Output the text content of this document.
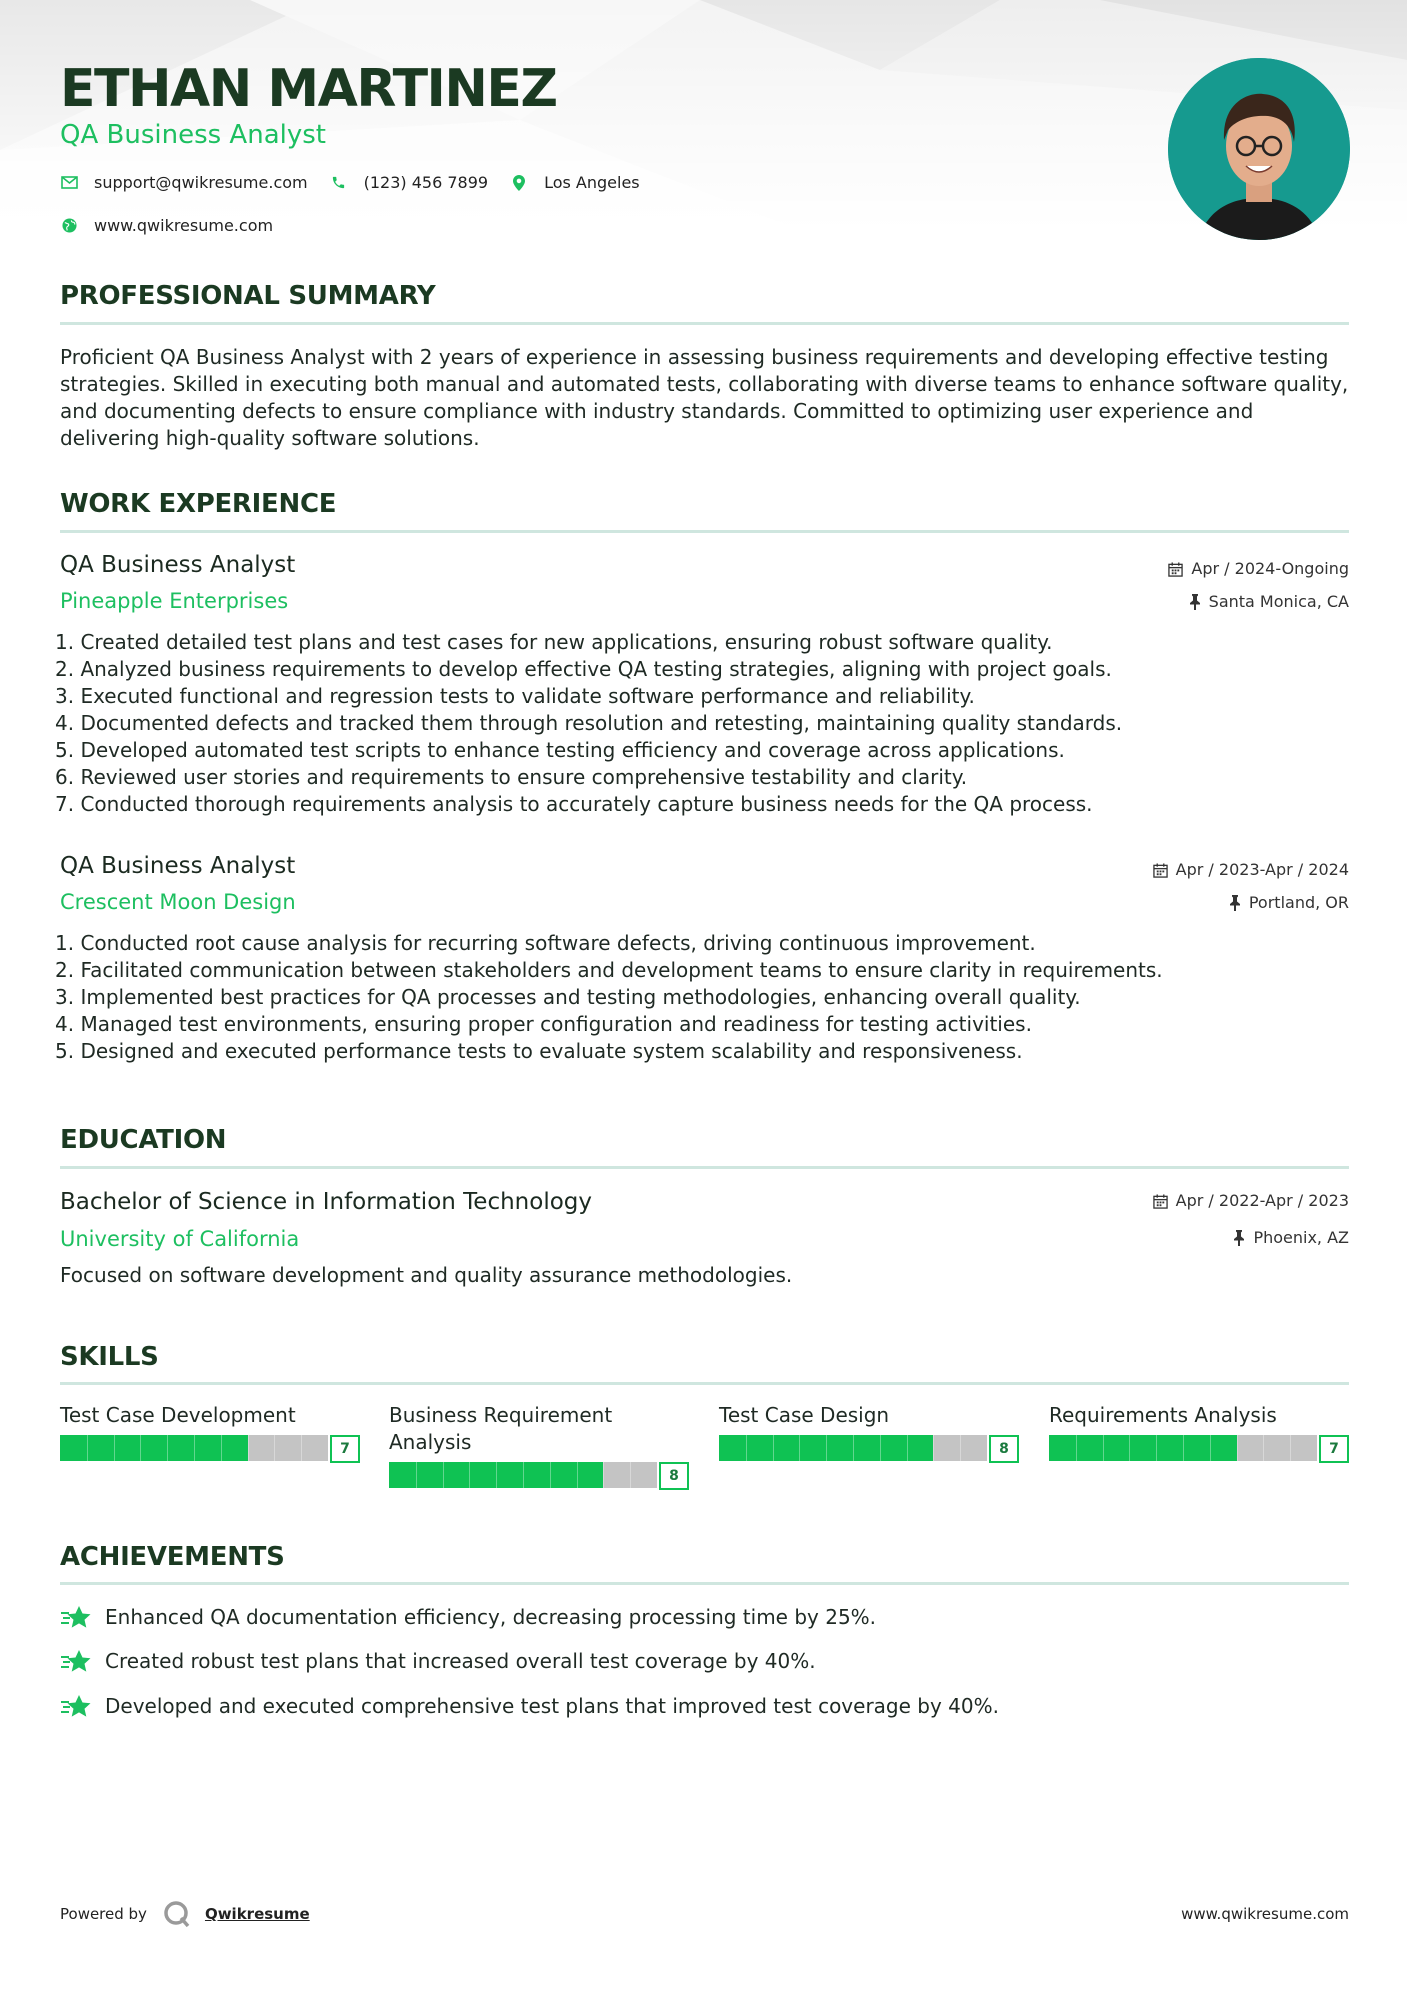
ETHAN MARTINEZ
QA Business Analyst
support@qwikresume.com	(123) 456 7899	Los Angeles
www.qwikresume.com
PROFESSIONAL SUMMARY

Proficient QA Business Analyst with 2 years of experience in assessing business requirements and developing effective testing strategies. Skilled in executing both manual and automated tests, collaborating with diverse teams to enhance software quality, and documenting defects to ensure compliance with industry standards. Committed to optimizing user experience and delivering high-quality software solutions.

WORK EXPERIENCE
QA Business Analyst	Apr / 2024-Ongoing
Pineapple Enterprises	Santa Monica, CA
1. Created detailed test plans and test cases for new applications, ensuring robust software quality.
2. Analyzed business requirements to develop effective QA testing strategies, aligning with project goals.
3. Executed functional and regression tests to validate software performance and reliability.
4. Documented defects and tracked them through resolution and retesting, maintaining quality standards.
5. Developed automated test scripts to enhance testing efficiency and coverage across applications.
6. Reviewed user stories and requirements to ensure comprehensive testability and clarity.
7. Conducted thorough requirements analysis to accurately capture business needs for the QA process.
QA Business Analyst	Apr / 2023-Apr / 2024
Crescent Moon Design	Portland, OR
1. Conducted root cause analysis for recurring software defects, driving continuous improvement.
2. Facilitated communication between stakeholders and development teams to ensure clarity in requirements.
3. Implemented best practices for QA processes and testing methodologies, enhancing overall quality.
4. Managed test environments, ensuring proper configuration and readiness for testing activities.
5. Designed and executed performance tests to evaluate system scalability and responsiveness.
EDUCATION
Bachelor of Science in Information Technology	Apr / 2022-Apr / 2023
University of California	Phoenix, AZ

Focused on software development and quality assurance methodologies.

SKILLS
Test Case Development
7
Business Requirement Analysis
8
Test Case Design
8
Requirements Analysis
7
ACHIEVEMENTS
Enhanced QA documentation efficiency, decreasing processing time by 25%.
Created robust test plans that increased overall test coverage by 40%.
Developed and executed comprehensive test plans that improved test coverage by 40%.
Powered by	Qwikresume	www.qwikresume.com
